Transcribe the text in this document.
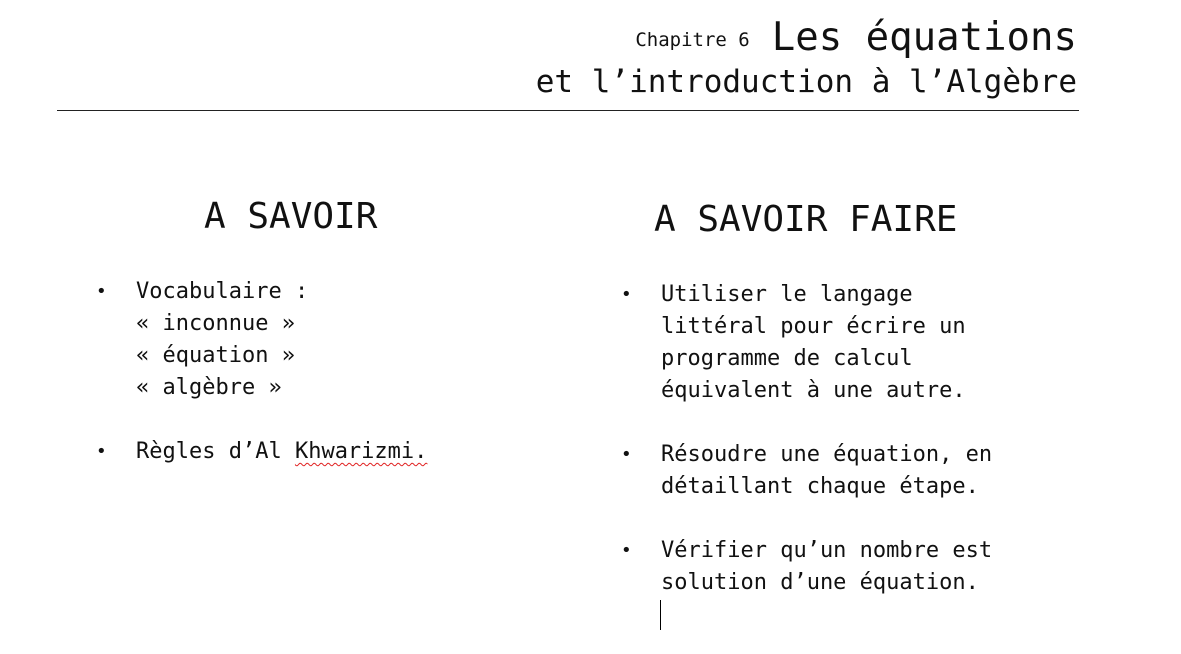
Chapitre 6 Les équations
et l’introduction à l’Algèbre
A SAVOIR
• Vocabulaire :
« inconnue »
« équation »
« algèbre »
• Règles d’Al Khwarizmi.
A SAVOIR FAIRE
• Utiliser le langage
littéral pour écrire un
programme de calcul
équivalent à une autre.
• Résoudre une équation, en
détaillant chaque étape.
• Vérifier qu’un nombre est
solution d’une équation.
